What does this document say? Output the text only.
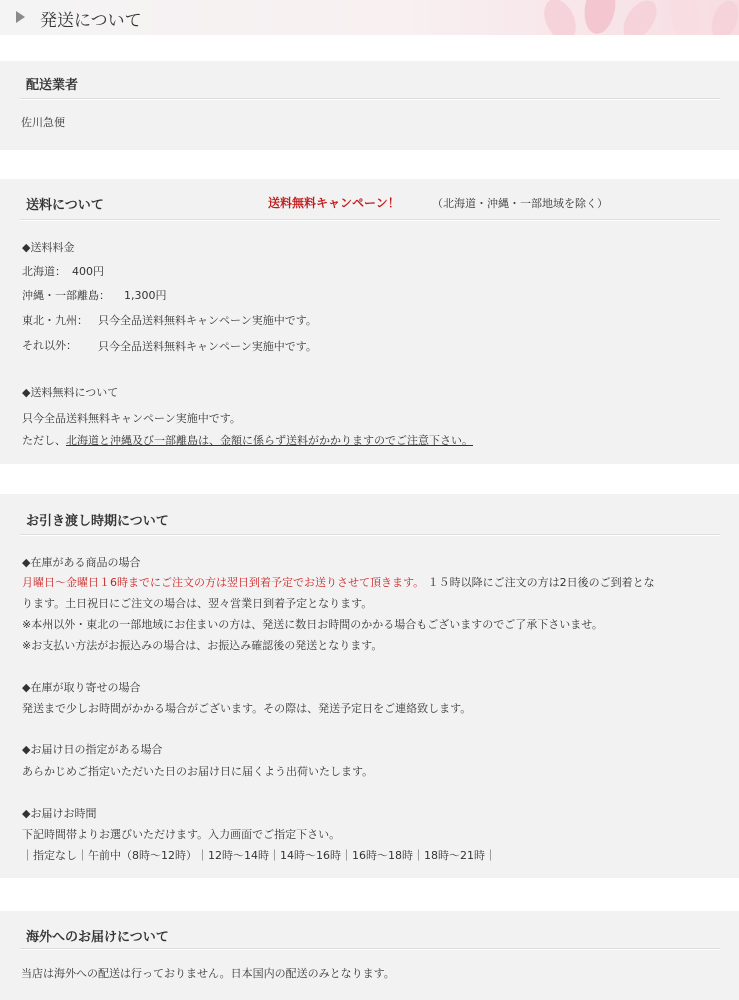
発送について
配送業者
佐川急便
送料について	送料無料キャンペーン！	（北海道・沖縄・一部地域を除く）
◆送料料金
北海道： 400円
沖縄・一部離島： 1,300円
東北・九州： 只今全品送料無料キャンペーン実施中です。
それ以外： 只今全品送料無料キャンペーン実施中です。
◆送料無料について
只今全品送料無料キャンペーン実施中です。
ただし、北海道と沖縄及び一部離島は、金額に係らず送料がかかりますのでご注意下さい。
お引き渡し時期について
◆在庫がある商品の場合
月曜日〜金曜日１6時までにご注文の方は翌日到着予定でお送りさせて頂きます。 １５時以降にご注文の方は2日後のご到着とな
ります。土日祝日にご注文の場合は、翌々営業日到着予定となります。
※本州以外・東北の一部地域にお住まいの方は、発送に数日お時間のかかる場合もございますのでご了承下さいませ。
※お支払い方法がお振込みの場合は、お振込み確認後の発送となります。
◆在庫が取り寄せの場合
発送まで少しお時間がかかる場合がございます。その際は、発送予定日をご連絡致します。
◆お届け日の指定がある場合
あらかじめご指定いただいた日のお届け日に届くよう出荷いたします。
◆お届けお時間
下記時間帯よりお選びいただけます。入力画面でご指定下さい。
｜指定なし｜午前中（8時〜12時）｜12時〜14時｜14時〜16時｜16時〜18時｜18時〜21時｜
海外へのお届けについて
当店は海外への配送は行っておりません。日本国内の配送のみとなります。
